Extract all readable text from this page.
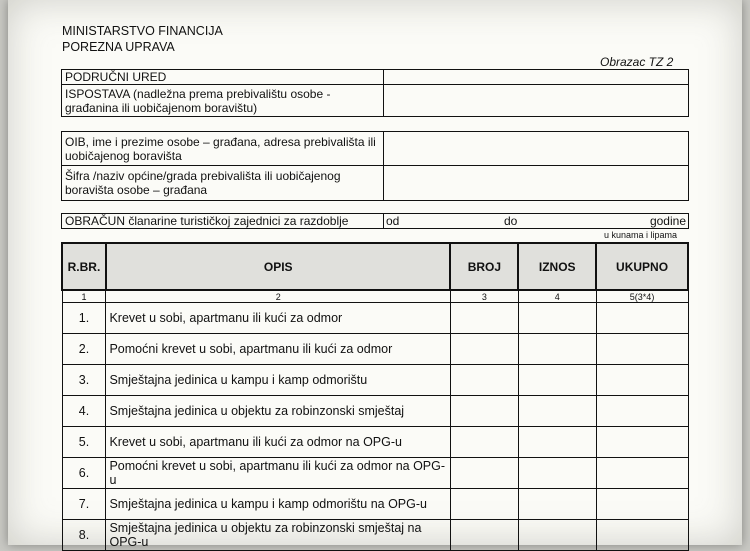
MINISTARSTVO FINANCIJA
POREZNA UPRAVA
Obrazac TZ 2
PODRUČNI URED	
ISPOSTAVA (nadležna prema prebivalištu osobe - građanina ili uobičajenom boravištu)	
OIB, ime i prezime osobe – građana, adresa prebivališta ili uobičajenog boravišta	
Šifra /naziv općine/grada prebivališta ili uobičajenog boravišta osobe – građana	
OBRAČUN članarine turističkoj zajednici za razdoblje	od	do	godine
u kunama i lipama
R.BR.	OPIS	BROJ	IZNOS	UKUPNO
1	2	3	4	5(3*4)
1.	Krevet u sobi, apartmanu ili kući za odmor			
2.	Pomoćni krevet u sobi, apartmanu ili kući za odmor			
3.	Smještajna jedinica u kampu i kamp odmorištu			
4.	Smještajna jedinica u objektu za robinzonski smještaj			
5.	Krevet u sobi, apartmanu ili kući za odmor na OPG-u			
6.	Pomoćni krevet u sobi, apartmanu ili kući za odmor na OPG-u			
7.	Smještajna jedinica u kampu i kamp odmorištu na OPG-u			
8.	Smještajna jedinica u objektu za robinzonski smještaj na OPG-u			
